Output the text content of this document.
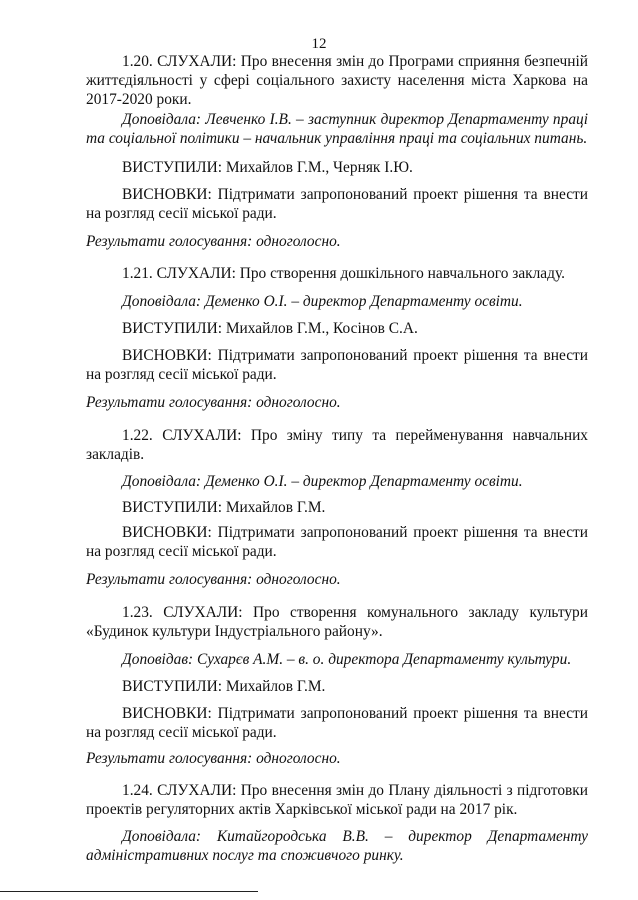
12

1.20. СЛУХАЛИ: Про внесення змін до Програми сприяння безпечній життєдіяльності у сфері соціального захисту населення міста Харкова на 2017-2020 роки.

Доповідала: Левченко І.В. – заступник директор Департаменту праці та соціальної політики – начальник управління праці та соціальних питань.

ВИСТУПИЛИ: Михайлов Г.М., Черняк І.Ю.

ВИСНОВКИ: Підтримати запропонований проект рішення та внести на розгляд сесії міської ради.

Результати голосування: одноголосно.

1.21. СЛУХАЛИ: Про створення дошкільного навчального закладу.

Доповідала: Деменко О.І. – директор Департаменту освіти.

ВИСТУПИЛИ: Михайлов Г.М., Косінов С.А.

ВИСНОВКИ: Підтримати запропонований проект рішення та внести на розгляд сесії міської ради.

Результати голосування: одноголосно.

1.22. СЛУХАЛИ: Про зміну типу та перейменування навчальних закладів.

Доповідала: Деменко О.І. – директор Департаменту освіти.

ВИСТУПИЛИ: Михайлов Г.М.

ВИСНОВКИ: Підтримати запропонований проект рішення та внести на розгляд сесії міської ради.

Результати голосування: одноголосно.

1.23. СЛУХАЛИ: Про створення комунального закладу культури «Будинок культури Індустріального району».

Доповідав: Сухарєв А.М. – в. о. директора Департаменту культури.

ВИСТУПИЛИ: Михайлов Г.М.

ВИСНОВКИ: Підтримати запропонований проект рішення та внести на розгляд сесії міської ради.

Результати голосування: одноголосно.

1.24. СЛУХАЛИ: Про внесення змін до Плану діяльності з підготовки проектів регуляторних актів Харківської міської ради на 2017 рік.

Доповідала: Китайгородська В.В. – директор Департаменту адміністративних послуг та споживчого ринку.
